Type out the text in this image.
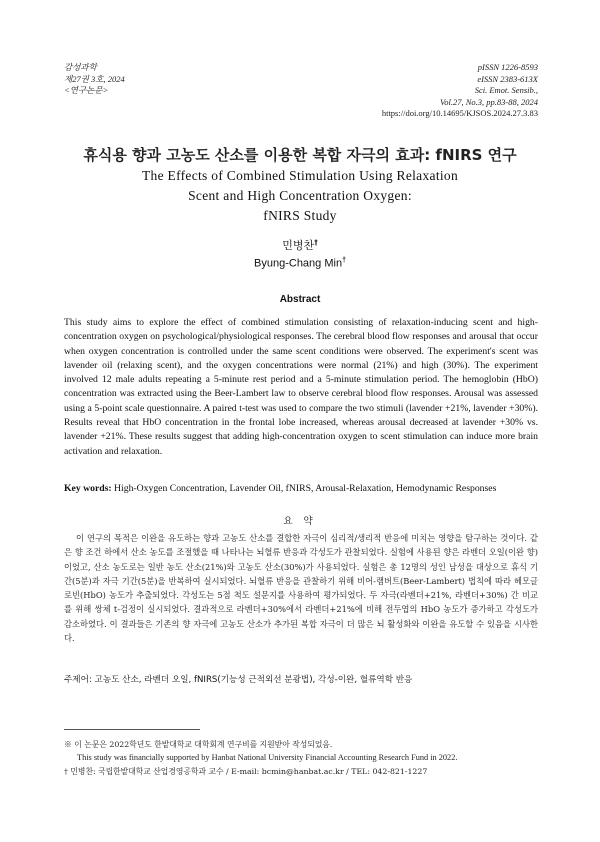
감성과학
제27권 3호, 2024
<연구논문>
pISSN 1226-8593
eISSN 2383-613X
Sci. Emot. Sensib.,
Vol.27, No.3, pp.83-88, 2024
https://doi.org/10.14695/KJSOS.2024.27.3.83
휴식용 향과 고농도 산소를 이용한 복합 자극의 효과: fNIRS 연구
The Effects of Combined Stimulation Using Relaxation
Scent and High Concentration Oxygen:
fNIRS Study
민병찬†
Byung-Chang Min†
Abstract
This study aims to explore the effect of combined stimulation consisting of relaxation-inducing scent and high-concentration oxygen on psychological/physiological responses. The cerebral blood flow responses and arousal that occur when oxygen concentration is controlled under the same scent conditions were observed. The experiment's scent was lavender oil (relaxing scent), and the oxygen concentrations were normal (21%) and high (30%). The experiment involved 12 male adults repeating a 5-minute rest period and a 5-minute stimulation period. The hemoglobin (HbO) concentration was extracted using the Beer-Lambert law to observe cerebral blood flow responses. Arousal was assessed using a 5-point scale questionnaire. A paired t-test was used to compare the two stimuli (lavender +21%, lavender +30%). Results reveal that HbO concentration in the frontal lobe increased, whereas arousal decreased at lavender +30% vs. lavender +21%. These results suggest that adding high-concentration oxygen to scent stimulation can induce more brain activation and relaxation.
Key words: High-Oxygen Concentration, Lavender Oil, fNIRS, Arousal-Relaxation, Hemodynamic Responses
요 약
이 연구의 목적은 이완을 유도하는 향과 고농도 산소를 결합한 자극이 심리적/생리적 반응에 미치는 영향을 탐구하는 것이다. 같은 향 조건 하에서 산소 농도를 조절했을 때 나타나는 뇌혈류 반응과 각성도가 관찰되었다. 실험에 사용된 향은 라벤더 오일(이완 향)이었고, 산소 농도로는 일반 농도 산소(21%)와 고농도 산소(30%)가 사용되었다. 실험은 총 12명의 성인 남성을 대상으로 휴식 기간(5분)과 자극 기간(5분)을 반복하여 실시되었다. 뇌혈류 반응을 관찰하기 위해 비어-램버트(Beer-Lambert) 법칙에 따라 헤모글로빈(HbO) 농도가 추출되었다. 각성도는 5점 척도 설문지를 사용하여 평가되었다. 두 자극(라벤더+21%, 라벤더+30%) 간 비교를 위해 쌍체 t-검정이 실시되었다. 결과적으로 라벤더+30%에서 라벤더+21%에 비해 전두엽의 HbO 농도가 증가하고 각성도가 감소하였다. 이 결과들은 기존의 향 자극에 고농도 산소가 추가된 복합 자극이 더 많은 뇌 활성화와 이완을 유도할 수 있음을 시사한다.
주제어: 고농도 산소, 라벤더 오일, fNIRS(기능성 근적외선 분광법), 각성-이완, 혈류역학 반응
※ 이 논문은 2022학년도 한밭대학교 대학회계 연구비를 지원받아 작성되었음.
This study was financially supported by Hanbat National University Financial Accounting Research Fund in 2022.
† 민병찬: 국립한밭대학교 산업경영공학과 교수 / E-mail: bcmin@hanbat.ac.kr / TEL: 042-821-1227
